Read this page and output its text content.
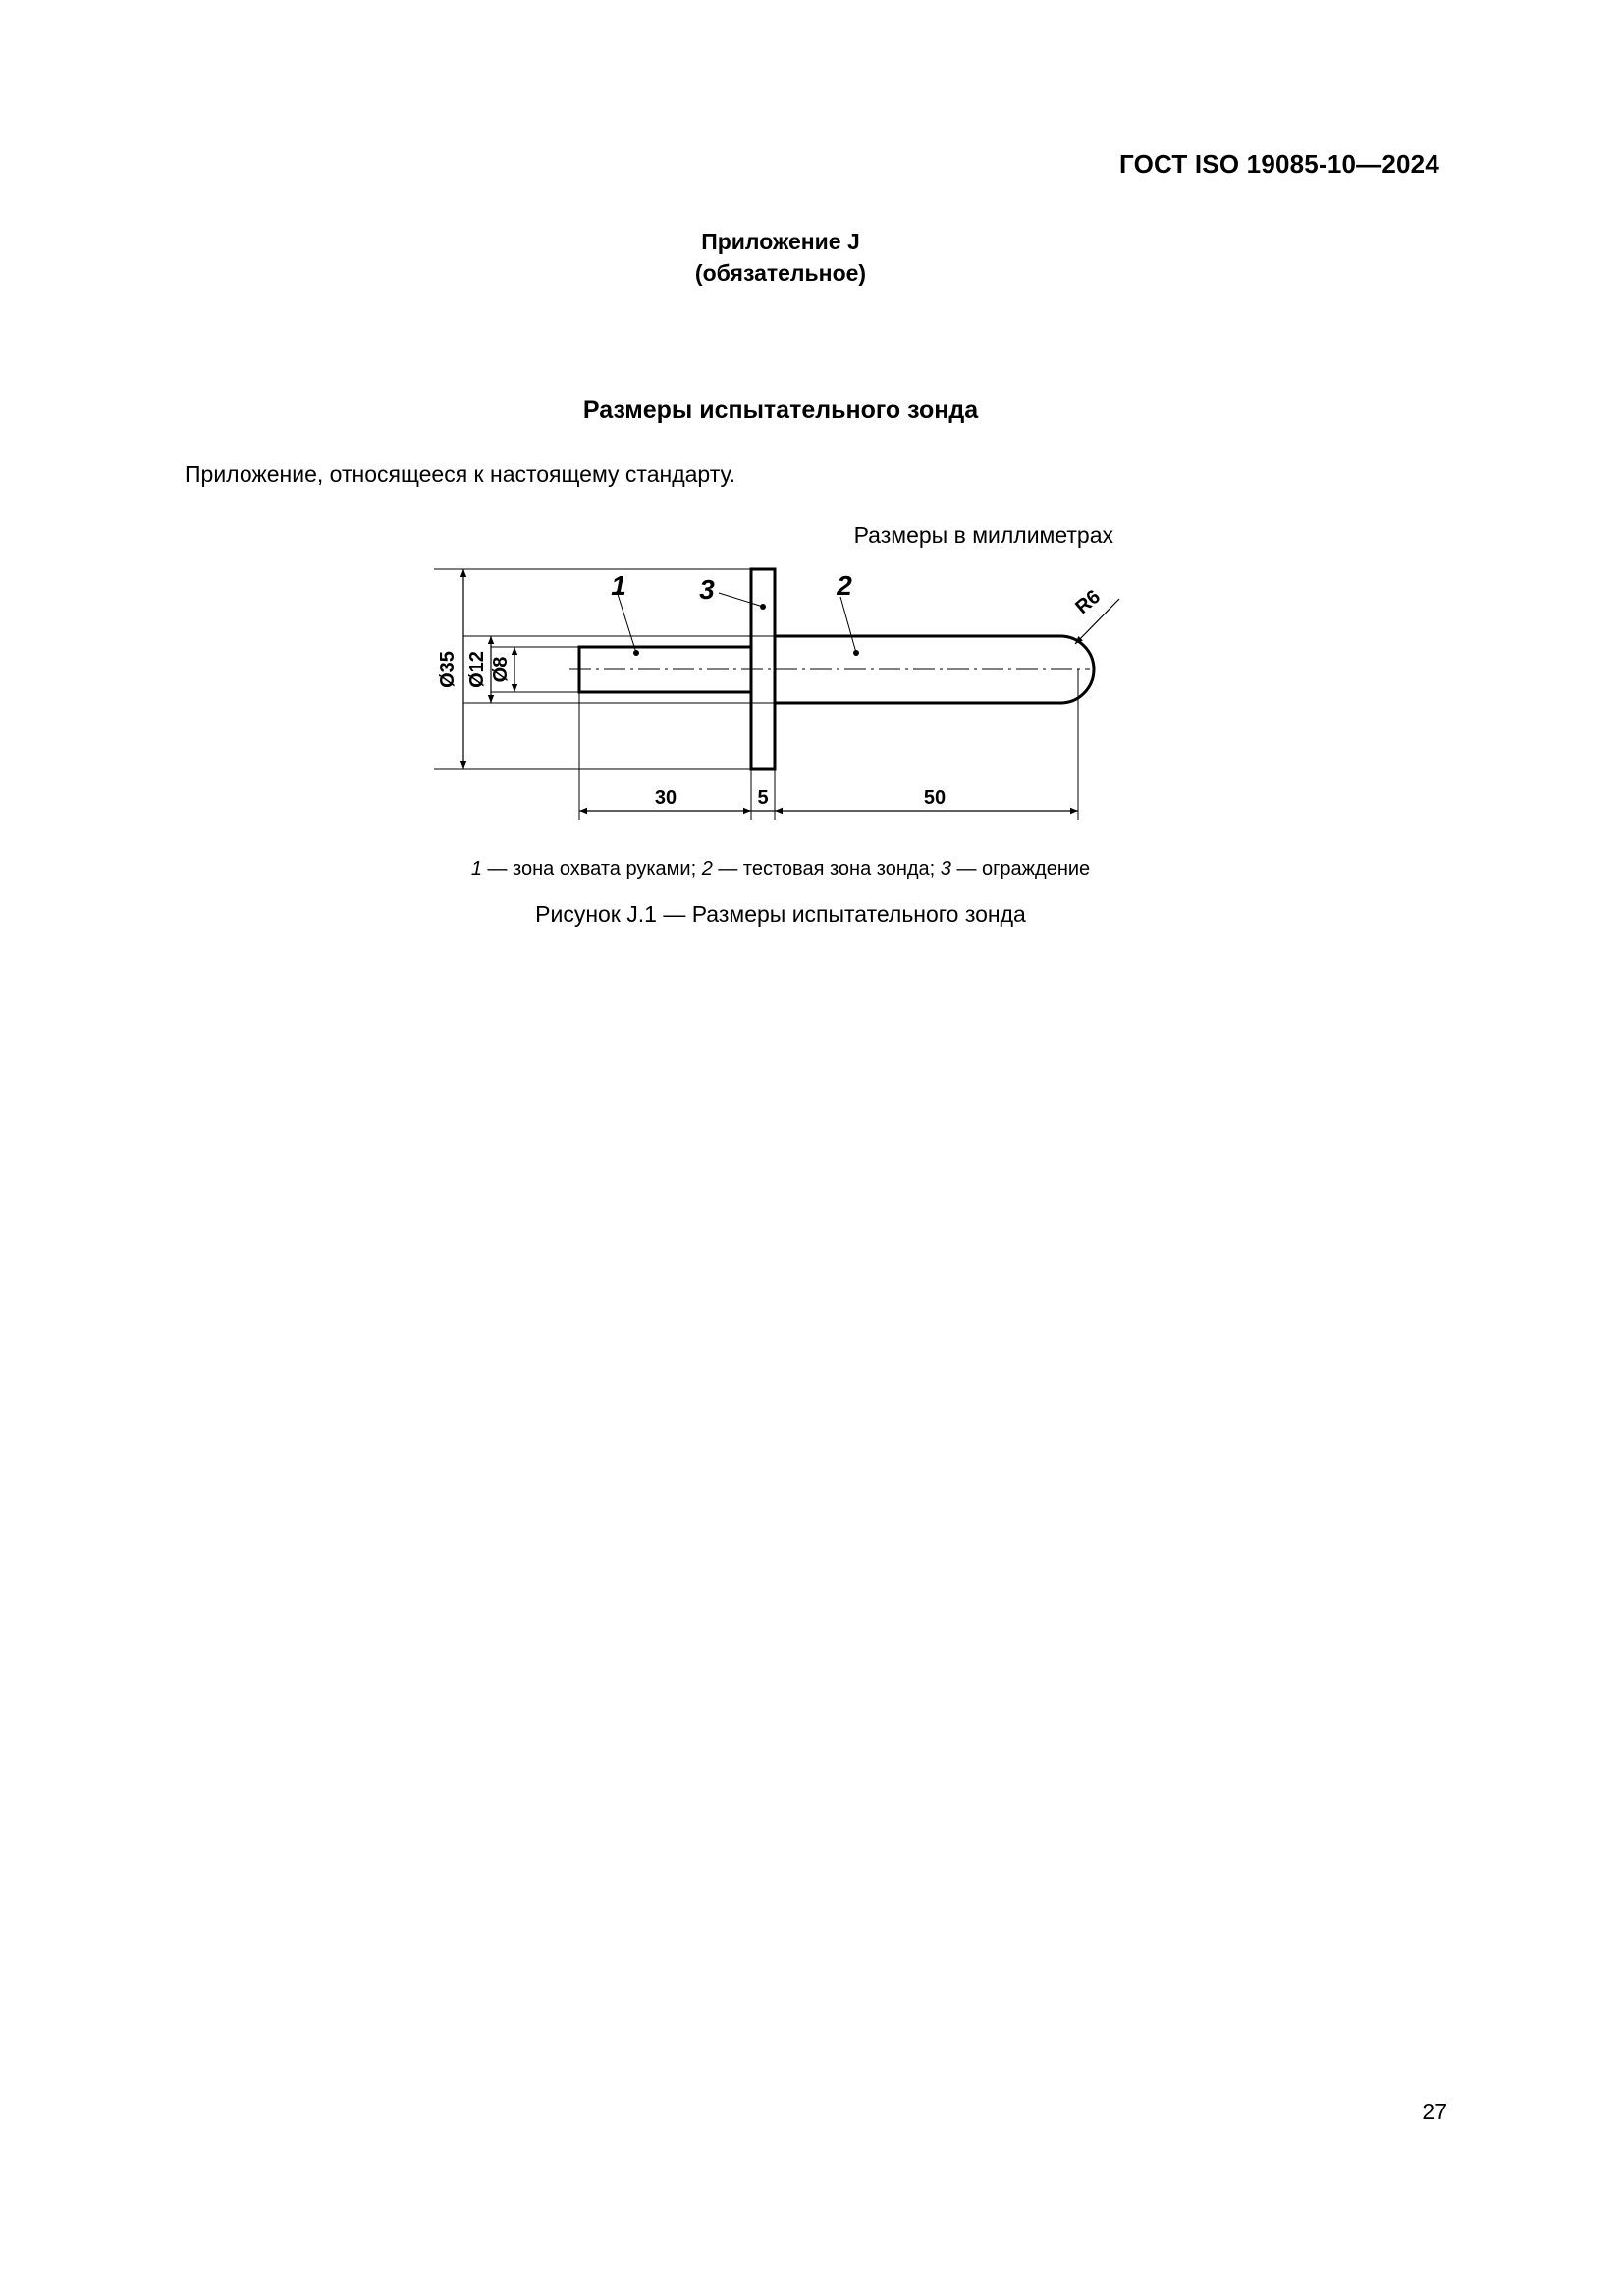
ГОСТ ISO 19085-10—2024
Приложение J
(обязательное)
Размеры испытательного зонда
Приложение, относящееся к настоящему стандарту.
Размеры в миллиметрах
Ø35 Ø12 Ø8
1	3	2
R6
30	5	50
1 — зона охвата руками; 2 — тестовая зона зонда; 3 — ограждение
Рисунок J.1 — Размеры испытательного зонда
27
